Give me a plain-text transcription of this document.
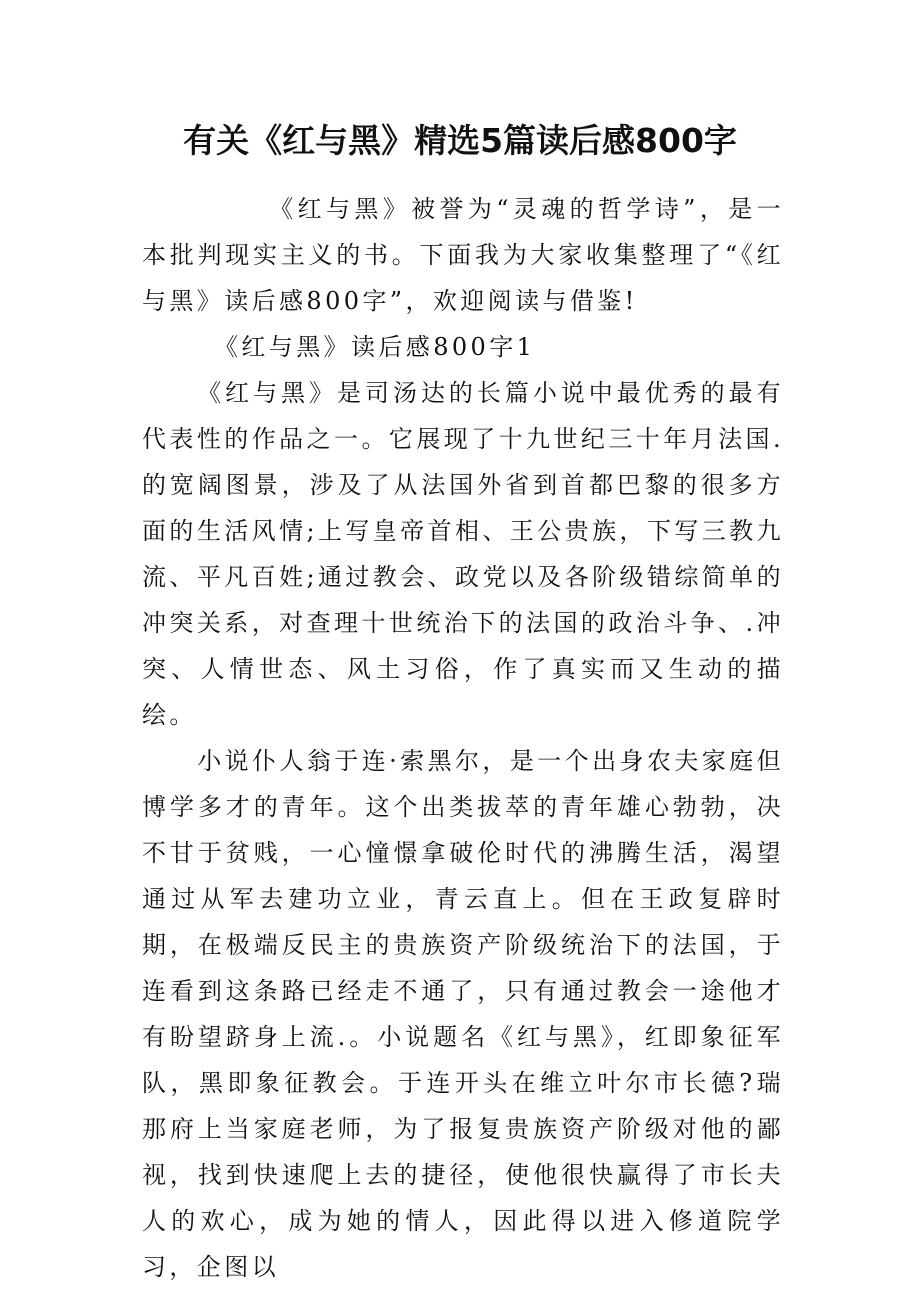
有关《红与黑》精选5篇读后感800字

《红与黑》被誉为“灵魂的哲学诗”，是一本批判现实主义的书。下面我为大家收集整理了“《红与黑》读后感800字”，欢迎阅读与借鉴!

《红与黑》读后感800字1

《红与黑》是司汤达的长篇小说中最优秀的最有代表性的作品之一。它展现了十九世纪三十年月法国.的宽阔图景，涉及了从法国外省到首都巴黎的很多方面的生活风情;上写皇帝首相、王公贵族，下写三教九流、平凡百姓;通过教会、政党以及各阶级错综简单的冲突关系，对查理十世统治下的法国的政治斗争、.冲突、人情世态、风土习俗，作了真实而又生动的描绘。

小说仆人翁于连·索黑尔，是一个出身农夫家庭但博学多才的青年。这个出类拔萃的青年雄心勃勃，决不甘于贫贱，一心憧憬拿破伦时代的沸腾生活，渴望通过从军去建功立业，青云直上。但在王政复辟时期，在极端反民主的贵族资产阶级统治下的法国，于连看到这条路已经走不通了，只有通过教会一途他才有盼望跻身上流.。小说题名《红与黑》，红即象征军队，黑即象征教会。于连开头在维立叶尔市长德?瑞那府上当家庭老师，为了报复贵族资产阶级对他的鄙视，找到快速爬上去的捷径，使他很快赢得了市长夫人的欢心，成为她的情人，因此得以进入修道院学习，企图以
